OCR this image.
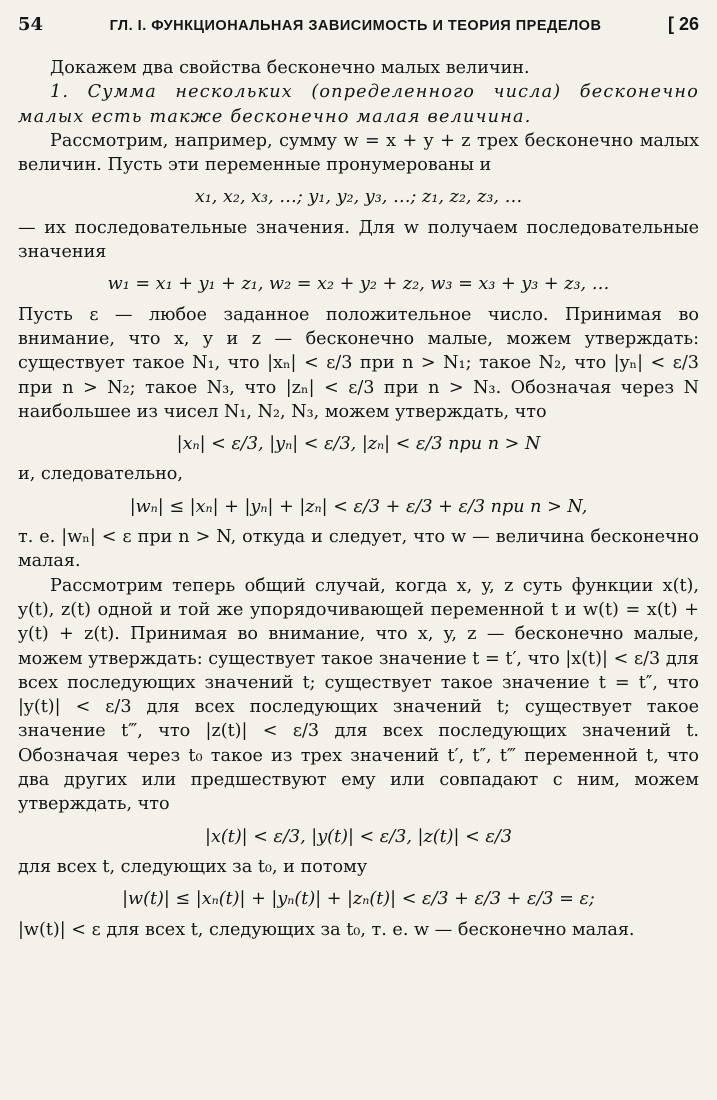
54	ГЛ. I. ФУНКЦИОНАЛЬНАЯ ЗАВИСИМОСТЬ И ТЕОРИЯ ПРЕДЕЛОВ	[ 26

Докажем два свойства бесконечно малых величин.

1. Сумма нескольких (определенного числа) бесконечно малых есть также бесконечно малая величина.

Рассмотрим, например, сумму w = x + y + z трех бесконечно малых величин. Пусть эти переменные пронумерованы и

x₁, x₂, x₃, …; y₁, y₂, y₃, …; z₁, z₂, z₃, …

— их последовательные значения. Для w получаем последовательные значения

w₁ = x₁ + y₁ + z₁, w₂ = x₂ + y₂ + z₂, w₃ = x₃ + y₃ + z₃, …

Пусть ε — любое заданное положительное число. Принимая во внимание, что x, y и z — бесконечно малые, можем утверждать: существует такое N₁, что |xₙ| < ε/3 при n > N₁; такое N₂, что |yₙ| < ε/3 при n > N₂; такое N₃, что |zₙ| < ε/3 при n > N₃. Обозначая через N наибольшее из чисел N₁, N₂, N₃, можем утверждать, что

|xₙ| < ε/3, |yₙ| < ε/3, |zₙ| < ε/3 при n > N

и, следовательно,

|wₙ| ≤ |xₙ| + |yₙ| + |zₙ| < ε/3 + ε/3 + ε/3 при n > N,

т. е. |wₙ| < ε при n > N, откуда и следует, что w — величина бесконечно малая.

Рассмотрим теперь общий случай, когда x, y, z суть функции x(t), y(t), z(t) одной и той же упорядочивающей переменной t и w(t) = x(t) + y(t) + z(t). Принимая во внимание, что x, y, z — бесконечно малые, можем утверждать: существует такое значение t = t′, что |x(t)| < ε/3 для всех последующих значений t; существует такое значение t = t″, что |y(t)| < ε/3 для всех последующих значений t; существует такое значение t‴, что |z(t)| < ε/3 для всех последующих значений t. Обозначая через t₀ такое из трех значений t′, t″, t‴ переменной t, что два других или предшествуют ему или совпадают с ним, можем утверждать, что

|x(t)| < ε/3, |y(t)| < ε/3, |z(t)| < ε/3

для всех t, следующих за t₀, и потому

|w(t)| ≤ |xₙ(t)| + |yₙ(t)| + |zₙ(t)| < ε/3 + ε/3 + ε/3 = ε;

|w(t)| < ε для всех t, следующих за t₀, т. е. w — бесконечно малая.
